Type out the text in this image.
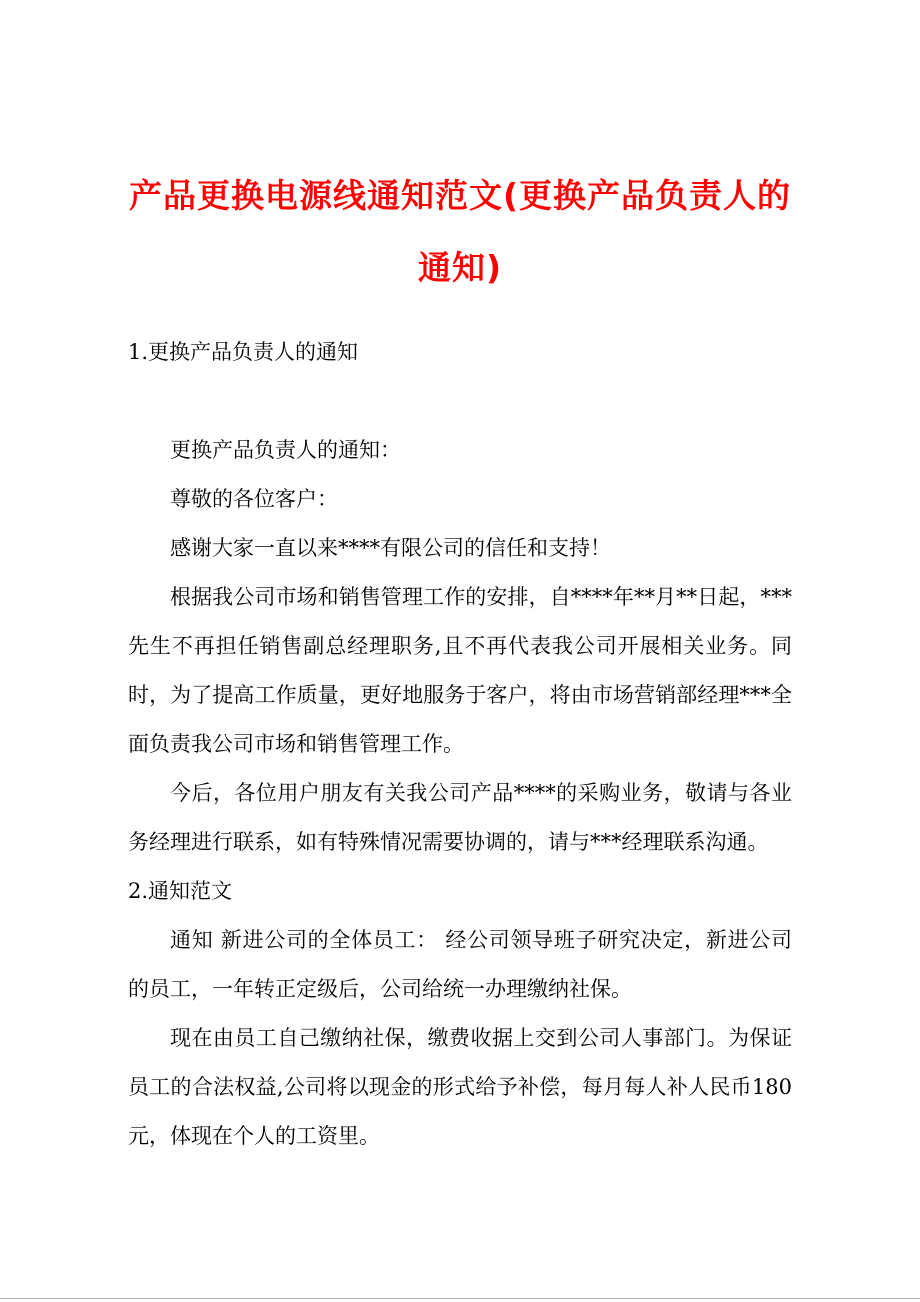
产品更换电源线通知范文(更换产品负责人的通知)

1.更换产品负责人的通知

更换产品负责人的通知：

尊敬的各位客户：

感谢大家一直以来****有限公司的信任和支持！

根据我公司市场和销售管理工作的安排，自****年**月**日起，***先生不再担任销售副总经理职务,且不再代表我公司开展相关业务。同时，为了提高工作质量，更好地服务于客户，将由市场营销部经理***全面负责我公司市场和销售管理工作。

今后，各位用户朋友有关我公司产品****的采购业务，敬请与各业务经理进行联系，如有特殊情况需要协调的，请与***经理联系沟通。

2.通知范文

通知 新进公司的全体员工： 经公司领导班子研究决定，新进公司的员工，一年转正定级后，公司给统一办理缴纳社保。

现在由员工自己缴纳社保，缴费收据上交到公司人事部门。为保证员工的合法权益,公司将以现金的形式给予补偿，每月每人补人民币180元，体现在个人的工资里。
